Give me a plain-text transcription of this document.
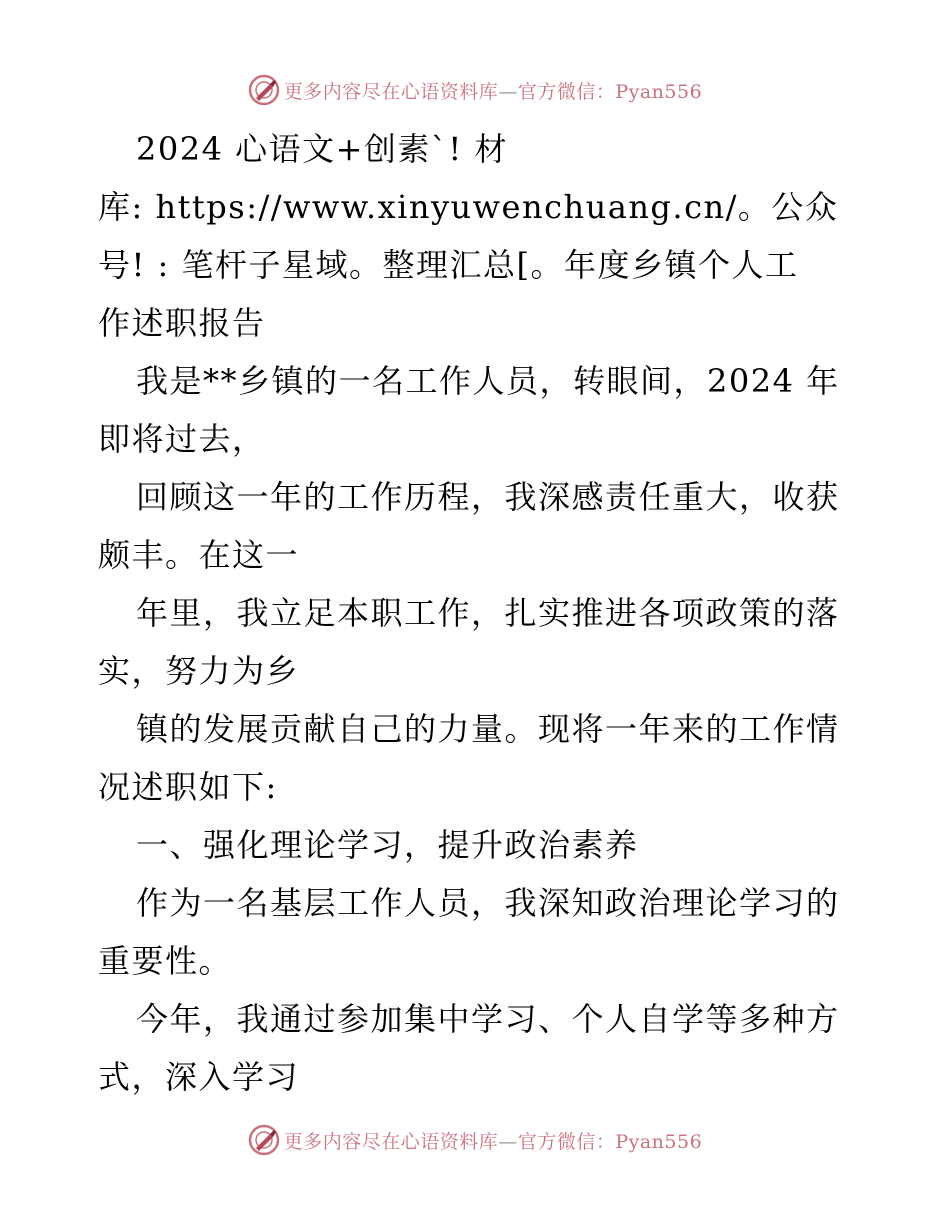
更多内容尽在心语资料库—官方微信：Pyan556
2024 心语文+创素`! 材
库: https://www.xinyuwenchuang.cn/。公众
号! : 笔杆子星域。整理汇总[。年度乡镇个人工
作述职报告
我是**乡镇的一名工作人员，转眼间，2024 年
即将过去，
回顾这一年的工作历程，我深感责任重大，收获
颇丰。在这一
年里，我立足本职工作，扎实推进各项政策的落
实，努力为乡
镇的发展贡献自己的力量。现将一年来的工作情
况述职如下:
一、强化理论学习，提升政治素养
作为一名基层工作人员，我深知政治理论学习的
重要性。
今年，我通过参加集中学习、个人自学等多种方
式，深入学习
更多内容尽在心语资料库—官方微信：Pyan556
